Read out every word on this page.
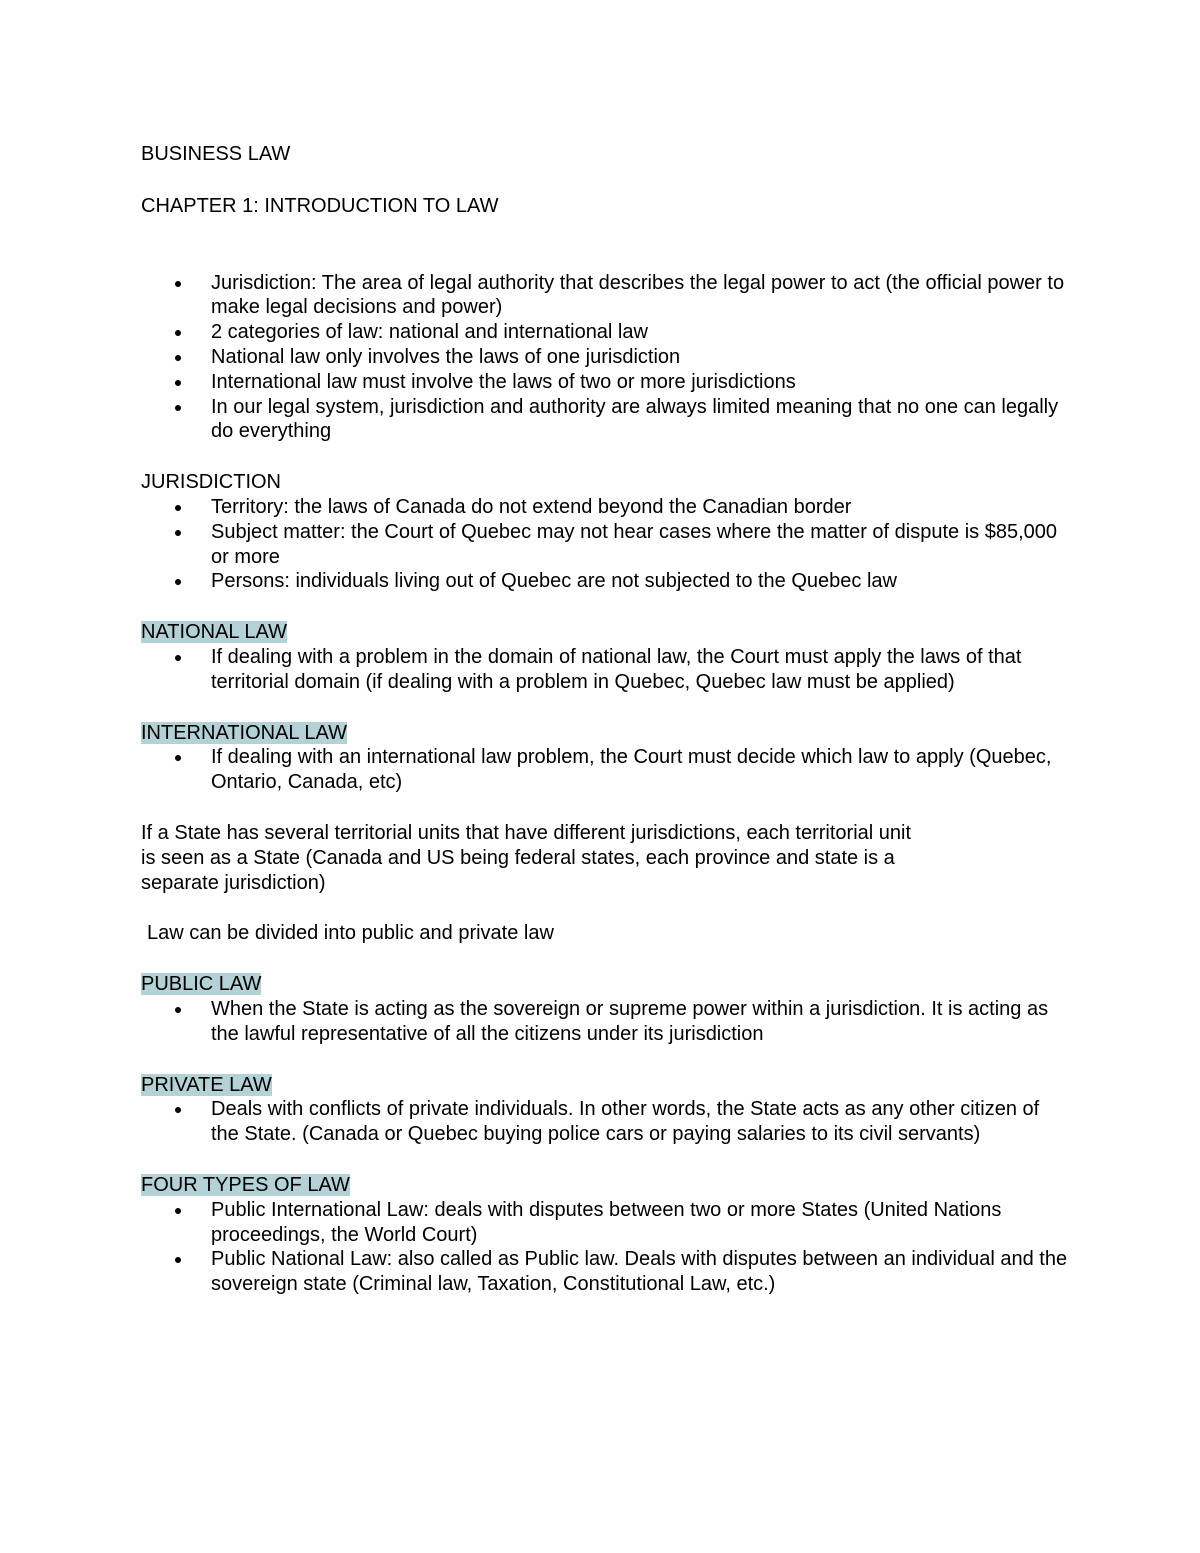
BUSINESS LAW

CHAPTER 1: INTRODUCTION TO LAW

Jurisdiction: The area of legal authority that describes the legal power to act (the official power to make legal decisions and power)
2 categories of law: national and international law
National law only involves the laws of one jurisdiction
International law must involve the laws of two or more jurisdictions
In our legal system, jurisdiction and authority are always limited meaning that no one can legally do everything

JURISDICTION

Territory: the laws of Canada do not extend beyond the Canadian border
Subject matter: the Court of Quebec may not hear cases where the matter of dispute is $85,000 or more
Persons: individuals living out of Quebec are not subjected to the Quebec law

NATIONAL LAW

If dealing with a problem in the domain of national law, the Court must apply the laws of that territorial domain (if dealing with a problem in Quebec, Quebec law must be applied)

INTERNATIONAL LAW

If dealing with an international law problem, the Court must decide which law to apply (Quebec, Ontario, Canada, etc)

If a State has several territorial units that have different jurisdictions, each territorial unit

is seen as a State (Canada and US being federal states, each province and state is a

separate jurisdiction)

Law can be divided into public and private law

PUBLIC LAW

When the State is acting as the sovereign or supreme power within a jurisdiction. It is acting as the lawful representative of all the citizens under its jurisdiction

PRIVATE LAW

Deals with conflicts of private individuals. In other words, the State acts as any other citizen of the State. (Canada or Quebec buying police cars or paying salaries to its civil servants)

FOUR TYPES OF LAW

Public International Law: deals with disputes between two or more States (United Nations proceedings, the World Court)
Public National Law: also called as Public law. Deals with disputes between an individual and the sovereign state (Criminal law, Taxation, Constitutional Law, etc.)
